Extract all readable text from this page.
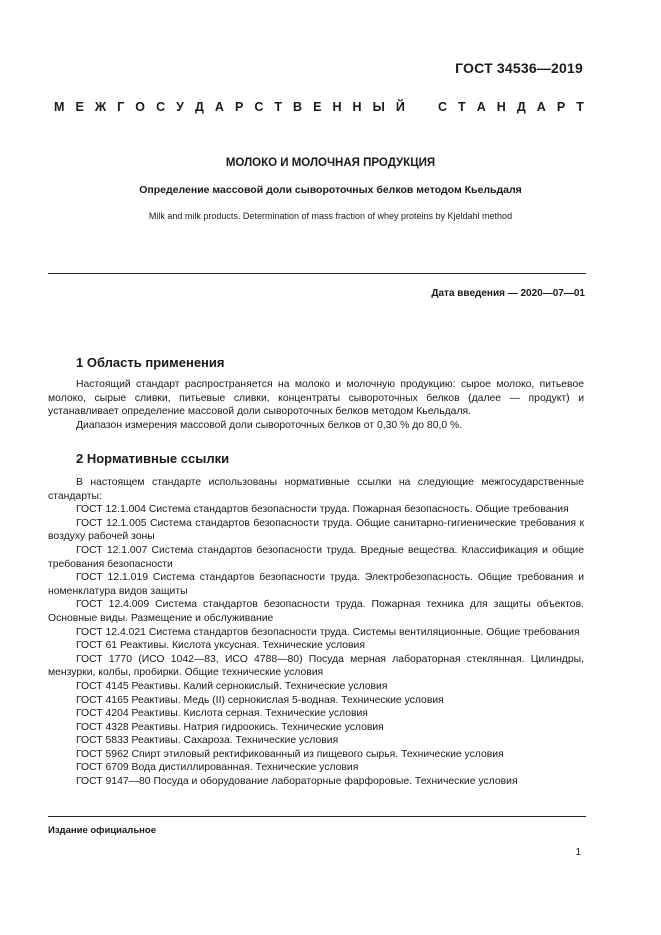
ГОСТ 34536—2019
М Е Ж Г О С У Д А Р С Т В Е Н Н Ы Й	С Т А Н Д А Р Т
МОЛОКО И МОЛОЧНАЯ ПРОДУКЦИЯ
Определение массовой доли сывороточных белков методом Кьельдаля
Milk and milk products. Determination of mass fraction of whey proteins by Kjeldahl method
Дата введения — 2020—07—01
1 Область применения

Настоящий стандарт распространяется на молоко и молочную продукцию: сырое молоко, питьевое молоко, сырые сливки, питьевые сливки, концентраты сывороточных белков (далее — продукт) и устанавливает определение массовой доли сывороточных белков методом Кьельдаля.

Диапазон измерения массовой доли сывороточных белков от 0,30 % до 80,0 %.

2 Нормативные ссылки

В настоящем стандарте использованы нормативные ссылки на следующие межгосударственные стандарты:

ГОСТ 12.1.004 Система стандартов безопасности труда. Пожарная безопасность. Общие требования

ГОСТ 12.1.005 Система стандартов безопасности труда. Общие санитарно-гигиенические требования к воздуху рабочей зоны

ГОСТ 12.1.007 Система стандартов безопасности труда. Вредные вещества. Классификация и общие требования безопасности

ГОСТ 12.1.019 Система стандартов безопасности труда. Электробезопасность. Общие требования и номенклатура видов защиты

ГОСТ 12.4.009 Система стандартов безопасности труда. Пожарная техника для защиты объектов. Основные виды. Размещение и обслуживание

ГОСТ 12.4.021 Система стандартов безопасности труда. Системы вентиляционные. Общие требования

ГОСТ 61 Реактивы. Кислота уксусная. Технические условия

ГОСТ 1770 (ИСО 1042—83, ИСО 4788—80) Посуда мерная лабораторная стеклянная. Цилиндры, мензурки, колбы, пробирки. Общие технические условия

ГОСТ 4145 Реактивы. Калий сернокислый. Технические условия

ГОСТ 4165 Реактивы. Медь (II) сернокислая 5-водная. Технические условия

ГОСТ 4204 Реактивы. Кислота серная. Технические условия

ГОСТ 4328 Реактивы. Натрия гидроокись. Технические условия

ГОСТ 5833 Реактивы. Сахароза. Технические условия

ГОСТ 5962 Спирт этиловый ректификованный из пищевого сырья. Технические условия

ГОСТ 6709 Вода дистиллированная. Технические условия

ГОСТ 9147—80 Посуда и оборудование лабораторные фарфоровые. Технические условия

Издание официальное
1
